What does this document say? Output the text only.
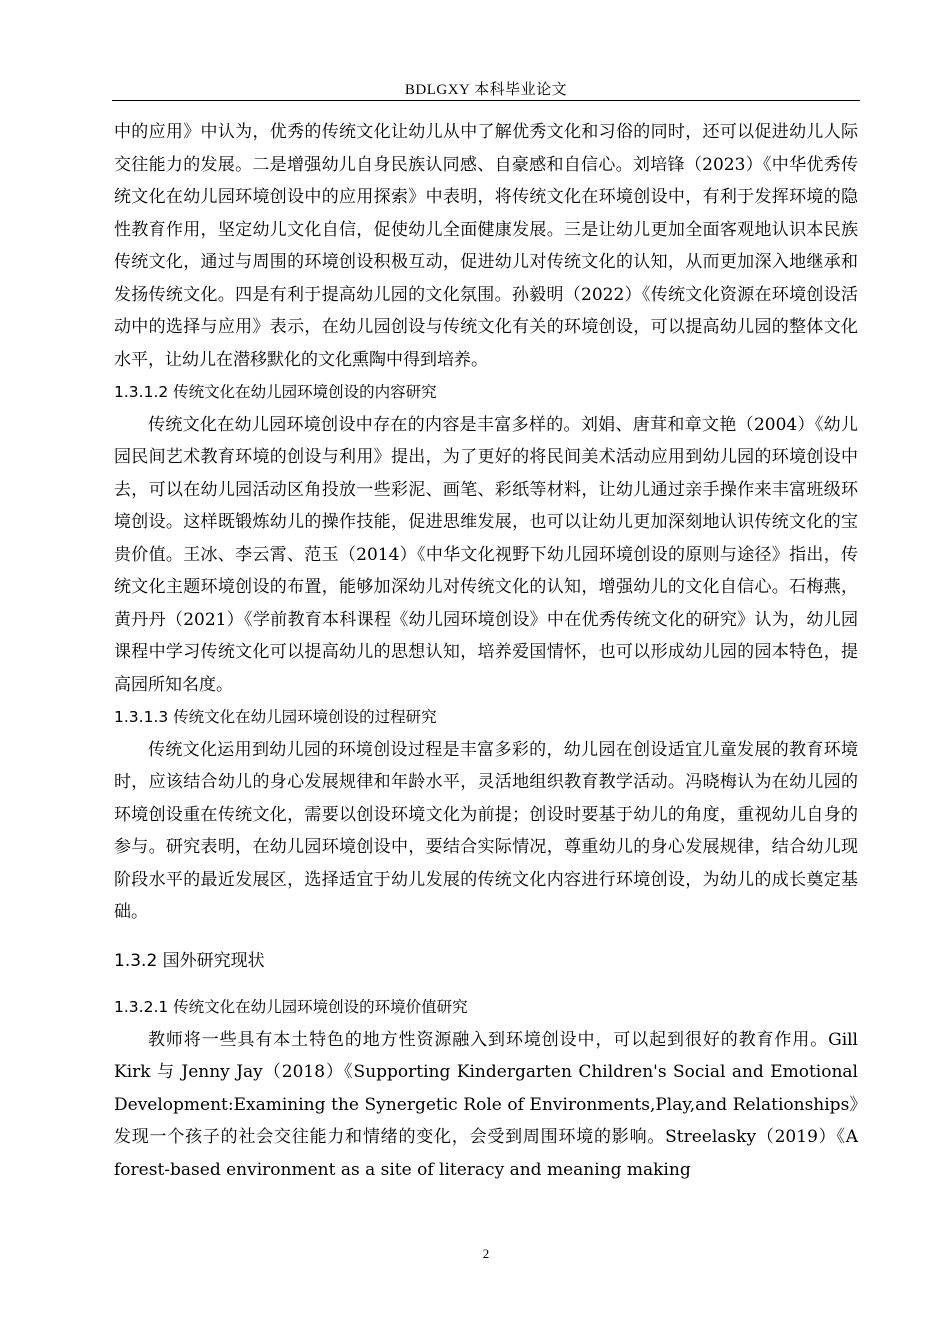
BDLGXY 本科毕业论文

中的应用》中认为，优秀的传统文化让幼儿从中了解优秀文化和习俗的同时，还可以促进幼儿人际交往能力的发展。二是增强幼儿自身民族认同感、自豪感和自信心。刘培锋（2023）《中华优秀传统文化在幼儿园环境创设中的应用探索》中表明，将传统文化在环境创设中，有利于发挥环境的隐性教育作用，坚定幼儿文化自信，促使幼儿全面健康发展。三是让幼儿更加全面客观地认识本民族传统文化，通过与周围的环境创设积极互动，促进幼儿对传统文化的认知，从而更加深入地继承和发扬传统文化。四是有利于提高幼儿园的文化氛围。孙毅明（2022）《传统文化资源在环境创设活动中的选择与应用》表示，在幼儿园创设与传统文化有关的环境创设，可以提高幼儿园的整体文化水平，让幼儿在潜移默化的文化熏陶中得到培养。

1.3.1.2 传统文化在幼儿园环境创设的内容研究

传统文化在幼儿园环境创设中存在的内容是丰富多样的。刘娟、唐茸和章文艳（2004）《幼儿园民间艺术教育环境的创设与利用》提出，为了更好的将民间美术活动应用到幼儿园的环境创设中去，可以在幼儿园活动区角投放一些彩泥、画笔、彩纸等材料，让幼儿通过亲手操作来丰富班级环境创设。这样既锻炼幼儿的操作技能，促进思维发展，也可以让幼儿更加深刻地认识传统文化的宝贵价值。王冰、李云霄、范玉（2014）《中华文化视野下幼儿园环境创设的原则与途径》指出，传统文化主题环境创设的布置，能够加深幼儿对传统文化的认知，增强幼儿的文化自信心。石梅燕，黄丹丹（2021）《学前教育本科课程《幼儿园环境创设》中在优秀传统文化的研究》认为，幼儿园课程中学习传统文化可以提高幼儿的思想认知，培养爱国情怀，也可以形成幼儿园的园本特色，提高园所知名度。

1.3.1.3 传统文化在幼儿园环境创设的过程研究

传统文化运用到幼儿园的环境创设过程是丰富多彩的，幼儿园在创设适宜儿童发展的教育环境时，应该结合幼儿的身心发展规律和年龄水平，灵活地组织教育教学活动。冯晓梅认为在幼儿园的环境创设重在传统文化，需要以创设环境文化为前提；创设时要基于幼儿的角度，重视幼儿自身的参与。研究表明，在幼儿园环境创设中，要结合实际情况，尊重幼儿的身心发展规律，结合幼儿现阶段水平的最近发展区，选择适宜于幼儿发展的传统文化内容进行环境创设，为幼儿的成长奠定基础。

1.3.2 国外研究现状
1.3.2.1 传统文化在幼儿园环境创设的环境价值研究

教师将一些具有本土特色的地方性资源融入到环境创设中，可以起到很好的教育作用。Gill Kirk 与 Jenny Jay（2018）《Supporting Kindergarten Children's Social and Emotional Development:Examining the Synergetic Role of Environments,Play,and Relationships》发现一个孩子的社会交往能力和情绪的变化，会受到周围环境的影响。Streelasky（2019）《A forest-based environment as a site of literacy and meaning making

2
